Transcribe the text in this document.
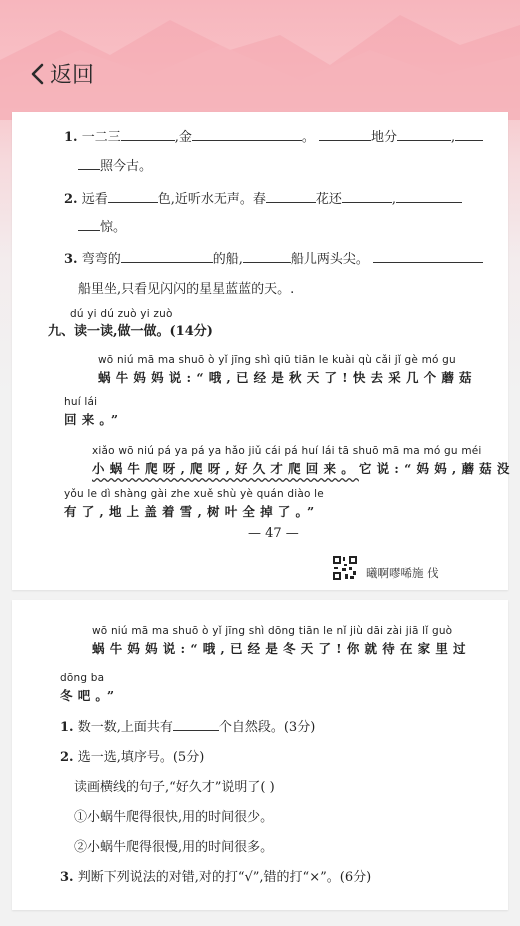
返回
1. 一二三	,金	。	地分	,
照今古。
2. 远看	色,近听水无声。春	花还	,
惊。
3. 弯弯的	的船,	船儿两头尖。
船里坐,只看见闪闪的星星蓝蓝的天。.
dú yi dú zuò yi zuò
九、读一读,做一做。(14分)
wō niú mā ma shuō ò yǐ jīng shì qiū tiān le kuài qù cǎi jǐ gè mó gu
蜗牛妈妈说:“哦,已经是秋天了!快去采几个蘑菇
huí lái
回来。”
xiǎo wō niú pá ya pá ya hǎo jiǔ cái pá huí lái tā shuō mā ma mó gu méi
小蜗牛爬呀,爬呀,好久才爬回来。它说:“妈妈,蘑菇没
yǒu le dì shàng gài zhe xuě shù yè quán diào le
有了,地上盖着雪,树叶全掉了。”
— 47 —
曦啊嘐唏施 伐
wō niú mā ma shuō ò yǐ jīng shì dōng tiān le nǐ jiù dāi zài jiā lǐ guò
蜗牛妈妈说:“哦,已经是冬天了!你就待在家里过
dōng ba
冬吧。”
1. 数一数,上面共有	个自然段。(3分)
2. 选一选,填序号。(5分)
读画横线的句子,“好久才”说明了( )
①小蜗牛爬得很快,用的时间很少。
②小蜗牛爬得很慢,用的时间很多。
3. 判断下列说法的对错,对的打“√”,错的打“×”。(6分)
